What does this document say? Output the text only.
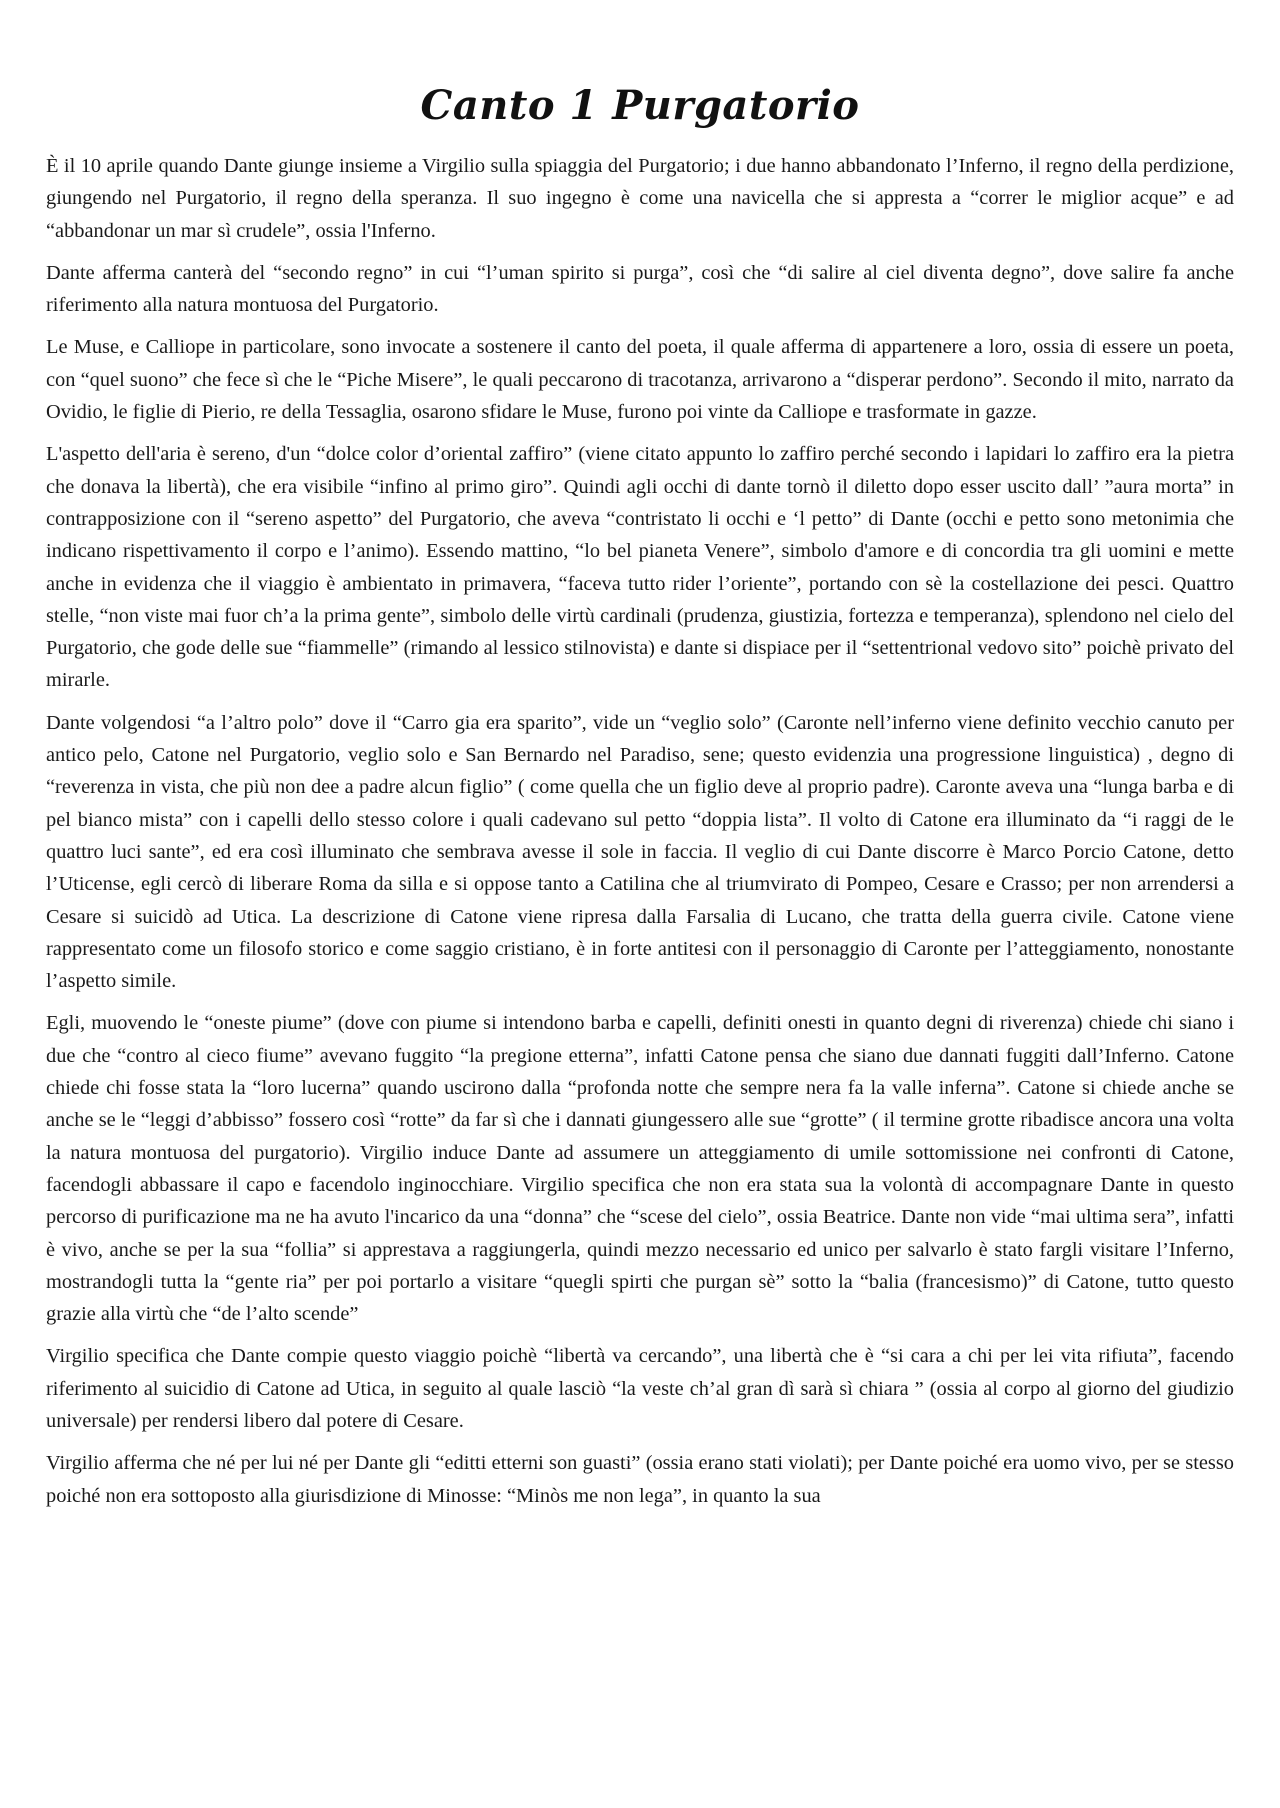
Canto 1 Purgatorio

È il 10 aprile quando Dante giunge insieme a Virgilio sulla spiaggia del Purgatorio; i due hanno abbandonato l’Inferno, il regno della perdizione, giungendo nel Purgatorio, il regno della speranza. Il suo ingegno è come una navicella che si appresta a “correr le miglior acque” e ad “abbandonar un mar sì crudele”, ossia l'Inferno.

Dante afferma canterà del “secondo regno” in cui “l’uman spirito si purga”, così che “di salire al ciel diventa degno”, dove salire fa anche riferimento alla natura montuosa del Purgatorio.

Le Muse, e Calliope in particolare, sono invocate a sostenere il canto del poeta, il quale afferma di appartenere a loro, ossia di essere un poeta, con “quel suono” che fece sì che le “Piche Misere”, le quali peccarono di tracotanza, arrivarono a “disperar perdono”. Secondo il mito, narrato da Ovidio, le figlie di Pierio, re della Tessaglia, osarono sfidare le Muse, furono poi vinte da Calliope e trasformate in gazze.

L'aspetto dell'aria è sereno, d'un “dolce color d’oriental zaffiro” (viene citato appunto lo zaffiro perché secondo i lapidari lo zaffiro era la pietra che donava la libertà), che era visibile “infino al primo giro”. Quindi agli occhi di dante tornò il diletto dopo esser uscito dall’ ”aura morta” in contrapposizione con il “sereno aspetto” del Purgatorio, che aveva “contristato li occhi e ‘l petto” di Dante (occhi e petto sono metonimia che indicano rispettivamento il corpo e l’animo). Essendo mattino, “lo bel pianeta Venere”, simbolo d'amore e di concordia tra gli uomini e mette anche in evidenza che il viaggio è ambientato in primavera, “faceva tutto rider l’oriente”, portando con sè la costellazione dei pesci. Quattro stelle, “non viste mai fuor ch’a la prima gente”, simbolo delle virtù cardinali (prudenza, giustizia, fortezza e temperanza), splendono nel cielo del Purgatorio, che gode delle sue “fiammelle” (rimando al lessico stilnovista) e dante si dispiace per il “settentrional vedovo sito” poichè privato del mirarle.

Dante volgendosi “a l’altro polo” dove il “Carro gia era sparito”, vide un “veglio solo” (Caronte nell’inferno viene definito vecchio canuto per antico pelo, Catone nel Purgatorio, veglio solo e San Bernardo nel Paradiso, sene; questo evidenzia una progressione linguistica) , degno di “reverenza in vista, che più non dee a padre alcun figlio” ( come quella che un figlio deve al proprio padre). Caronte aveva una “lunga barba e di pel bianco mista” con i capelli dello stesso colore i quali cadevano sul petto “doppia lista”. Il volto di Catone era illuminato da “i raggi de le quattro luci sante”, ed era così illuminato che sembrava avesse il sole in faccia. Il veglio di cui Dante discorre è Marco Porcio Catone, detto l’Uticense, egli cercò di liberare Roma da silla e si oppose tanto a Catilina che al triumvirato di Pompeo, Cesare e Crasso; per non arrendersi a Cesare si suicidò ad Utica. La descrizione di Catone viene ripresa dalla Farsalia di Lucano, che tratta della guerra civile. Catone viene rappresentato come un filosofo storico e come saggio cristiano, è in forte antitesi con il personaggio di Caronte per l’atteggiamento, nonostante l’aspetto simile.

Egli, muovendo le “oneste piume” (dove con piume si intendono barba e capelli, definiti onesti in quanto degni di riverenza) chiede chi siano i due che “contro al cieco fiume” avevano fuggito “la pregione etterna”, infatti Catone pensa che siano due dannati fuggiti dall’Inferno. Catone chiede chi fosse stata la “loro lucerna” quando uscirono dalla “profonda notte che sempre nera fa la valle inferna”. Catone si chiede anche se anche se le “leggi d’abbisso” fossero così “rotte” da far sì che i dannati giungessero alle sue “grotte” ( il termine grotte ribadisce ancora una volta la natura montuosa del purgatorio). Virgilio induce Dante ad assumere un atteggiamento di umile sottomissione nei confronti di Catone, facendogli abbassare il capo e facendolo inginocchiare. Virgilio specifica che non era stata sua la volontà di accompagnare Dante in questo percorso di purificazione ma ne ha avuto l'incarico da una “donna” che “scese del cielo”, ossia Beatrice. Dante non vide “mai ultima sera”, infatti è vivo, anche se per la sua “follia” si apprestava a raggiungerla, quindi mezzo necessario ed unico per salvarlo è stato fargli visitare l’Inferno, mostrandogli tutta la “gente ria” per poi portarlo a visitare “quegli spirti che purgan sè” sotto la “balia (francesismo)” di Catone, tutto questo grazie alla virtù che “de l’alto scende”

Virgilio specifica che Dante compie questo viaggio poichè “libertà va cercando”, una libertà che è “si cara a chi per lei vita rifiuta”, facendo riferimento al suicidio di Catone ad Utica, in seguito al quale lasciò “la veste ch’al gran dì sarà sì chiara ” (ossia al corpo al giorno del giudizio universale) per rendersi libero dal potere di Cesare.

Virgilio afferma che né per lui né per Dante gli “editti etterni son guasti” (ossia erano stati violati); per Dante poiché era uomo vivo, per se stesso poiché non era sottoposto alla giurisdizione di Minosse: “Minòs me non lega”, in quanto la sua
